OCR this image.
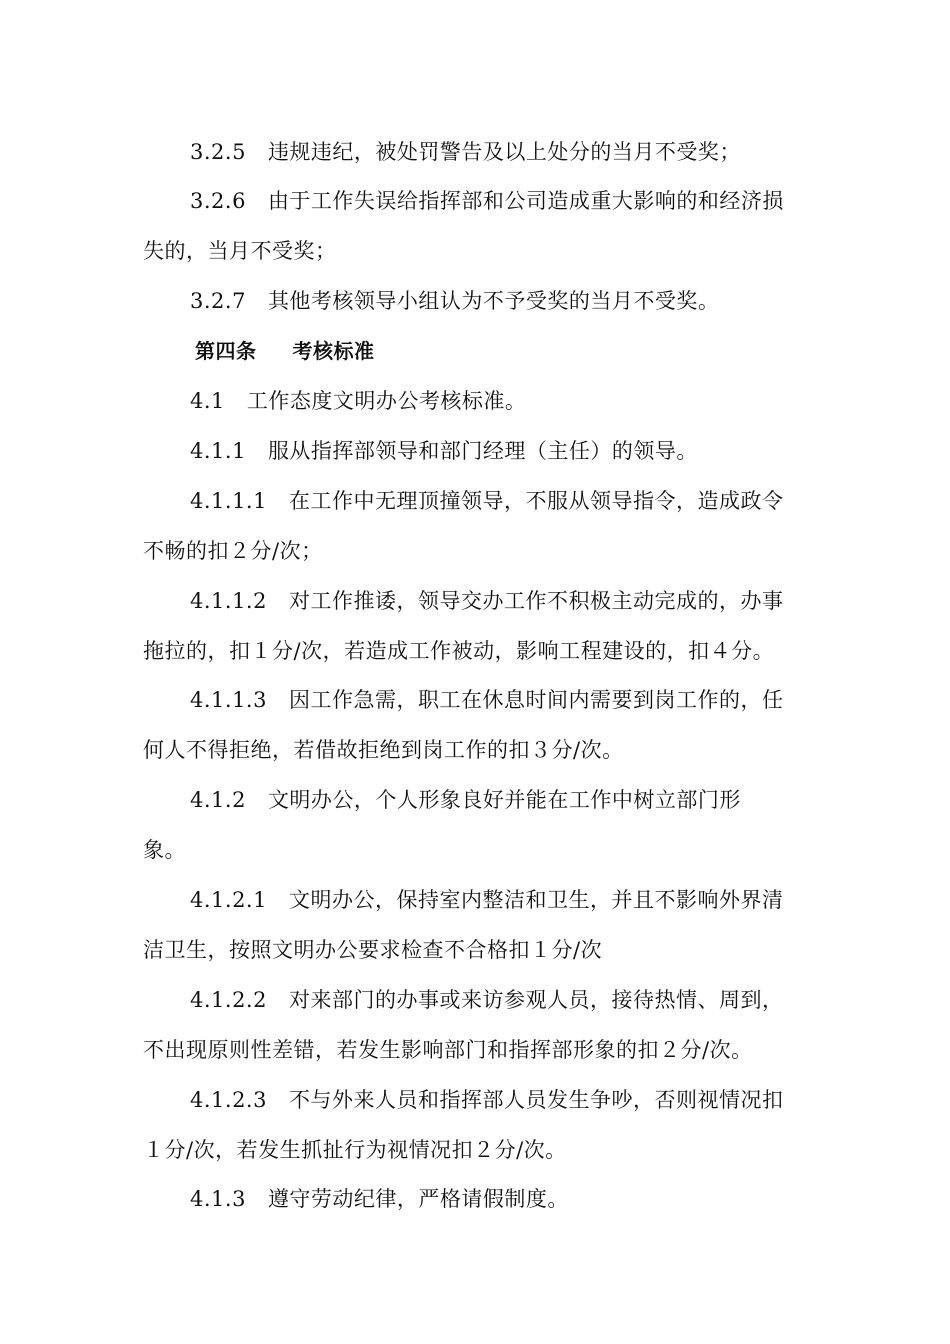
3.2.5 违规违纪，被处罚警告及以上处分的当月不受奖；
3.2.6 由于工作失误给指挥部和公司造成重大影响的和经济损
失的，当月不受奖；
3.2.7 其他考核领导小组认为不予受奖的当月不受奖。
第四条 考核标准
4.1 工作态度文明办公考核标准。
4.1.1 服从指挥部领导和部门经理（主任）的领导。
4.1.1.1 在工作中无理顶撞领导，不服从领导指令，造成政令
不畅的扣２分/次；
4.1.1.2 对工作推诿，领导交办工作不积极主动完成的，办事
拖拉的，扣１分/次，若造成工作被动，影响工程建设的，扣４分。
4.1.1.3 因工作急需，职工在休息时间内需要到岗工作的，任
何人不得拒绝，若借故拒绝到岗工作的扣３分/次。
4.1.2 文明办公，个人形象良好并能在工作中树立部门形
象。
4.1.2.1 文明办公，保持室内整洁和卫生，并且不影响外界清
洁卫生，按照文明办公要求检查不合格扣１分/次
4.1.2.2 对来部门的办事或来访参观人员，接待热情、周到，
不出现原则性差错，若发生影响部门和指挥部形象的扣２分/次。
4.1.2.3 不与外来人员和指挥部人员发生争吵，否则视情况扣
１分/次，若发生抓扯行为视情况扣２分/次。
4.1.3 遵守劳动纪律，严格请假制度。
